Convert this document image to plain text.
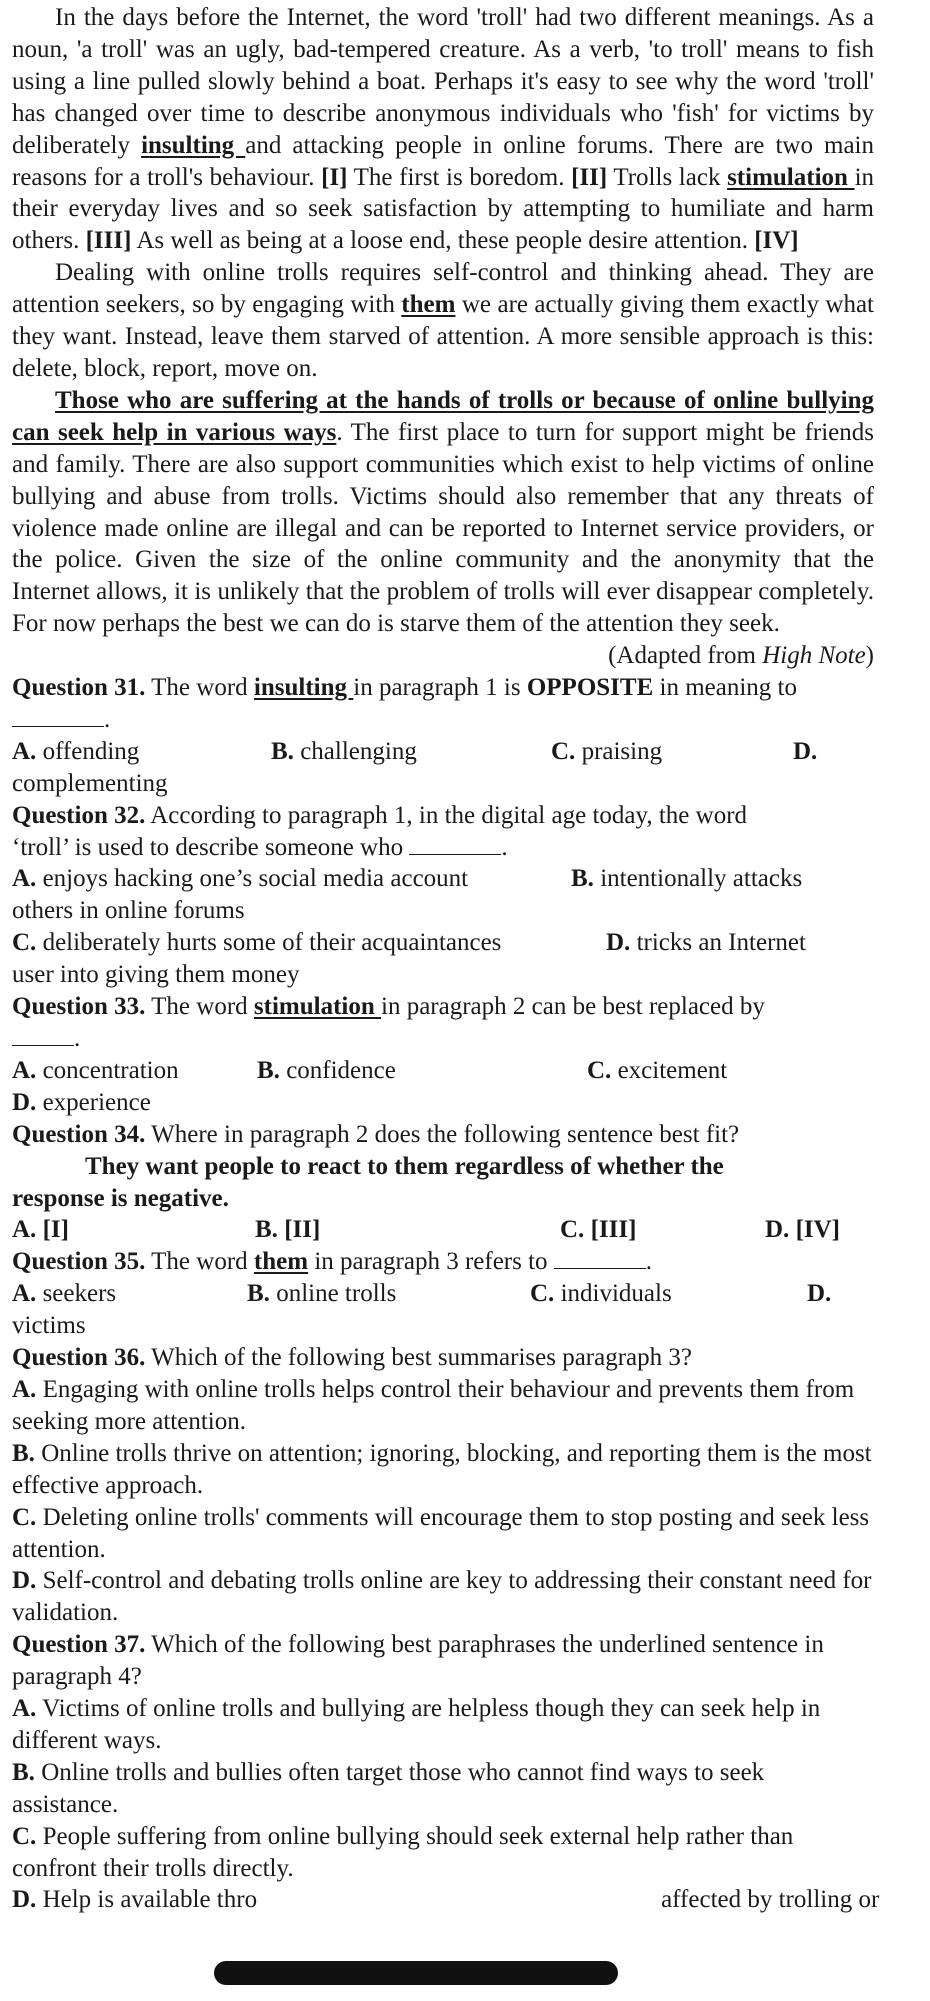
In the days before the Internet, the word 'troll' had two different meanings. As a noun, 'a troll' was an ugly, bad-tempered creature. As a verb, 'to troll' means to fish using a line pulled slowly behind a boat. Perhaps it's easy to see why the word 'troll' has changed over time to describe anonymous individuals who 'fish' for victims by deliberately insulting and attacking people in online forums. There are two main reasons for a troll's behaviour. [I] The first is boredom. [II] Trolls lack stimulation in their everyday lives and so seek satisfaction by attempting to humiliate and harm others. [III] As well as being at a loose end, these people desire attention. [IV]

Dealing with online trolls requires self-control and thinking ahead. They are attention seekers, so by engaging with them we are actually giving them exactly what they want. Instead, leave them starved of attention. A more sensible approach is this: delete, block, report, move on.

Those who are suffering at the hands of trolls or because of online bullying can seek help in various ways. The first place to turn for support might be friends and family. There are also support communities which exist to help victims of online bullying and abuse from trolls. Victims should also remember that any threats of violence made online are illegal and can be reported to Internet service providers, or the police. Given the size of the online community and the anonymity that the Internet allows, it is unlikely that the problem of trolls will ever disappear completely. For now perhaps the best we can do is starve them of the attention they seek.

(Adapted from High Note)

Question 31. The word insulting in paragraph 1 is OPPOSITE in meaning to

.

A. offending	B. challenging	C. praising	D.

complementing

Question 32. According to paragraph 1, in the digital age today, the word
‘troll’ is used to describe someone who	.

A. enjoys hacking one’s social media account	B. intentionally attacks

others in online forums

C. deliberately hurts some of their acquaintances	D. tricks an Internet

user into giving them money

Question 33. The word stimulation in paragraph 2 can be best replaced by

.

A. concentration	B. confidence	C. excitement

D. experience

Question 34. Where in paragraph 2 does the following sentence best fit?

They want people to react to them regardless of whether the

response is negative.

A. [I]	B. [II]	C. [III]	D. [IV]

Question 35. The word them in paragraph 3 refers to	.

A. seekers	B. online trolls	C. individuals	D.

victims

Question 36. Which of the following best summarises paragraph 3?

A. Engaging with online trolls helps control their behaviour and prevents them from seeking more attention.

B. Online trolls thrive on attention; ignoring, blocking, and reporting them is the most effective approach.

C. Deleting online trolls' comments will encourage them to stop posting and seek less attention.

D. Self-control and debating trolls online are key to addressing their constant need for validation.

Question 37. Which of the following best paraphrases the underlined sentence in paragraph 4?

A. Victims of online trolls and bullying are helpless though they can seek help in different ways.

B. Online trolls and bullies often target those who cannot find ways to seek assistance.

C. People suffering from online bullying should seek external help rather than confront their trolls directly.

D. Help is available thro	affected by trolling or
